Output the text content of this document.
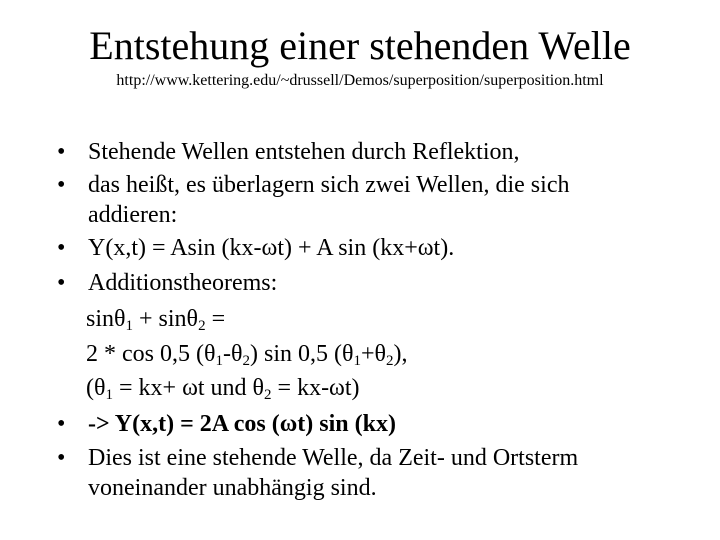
Entstehung einer stehenden Welle
http://www.kettering.edu/~drussell/Demos/superposition/superposition.html
• Stehende Wellen entstehen durch Reflektion,
• das heißt, es überlagern sich zwei Wellen, die sich
addieren:
• Y(x,t) = Asin (kx-ωt) + A sin (kx+ωt).
• Additionstheorems:
sinθ$_1$ + sinθ$_2$ =
2 * cos 0,5 $(\theta_1-\theta_2)$ sin 0,5 $(\theta_1+\theta_2)$,
($\theta_1 = kx+ \omega t$ und $\theta_2 = kx-\omega t$)
• -> Y(x,t) = 2A cos (ωt) sin (kx)
• Dies ist eine stehende Welle, da Zeit- und Ortsterm
voneinander unabhängig sind.
